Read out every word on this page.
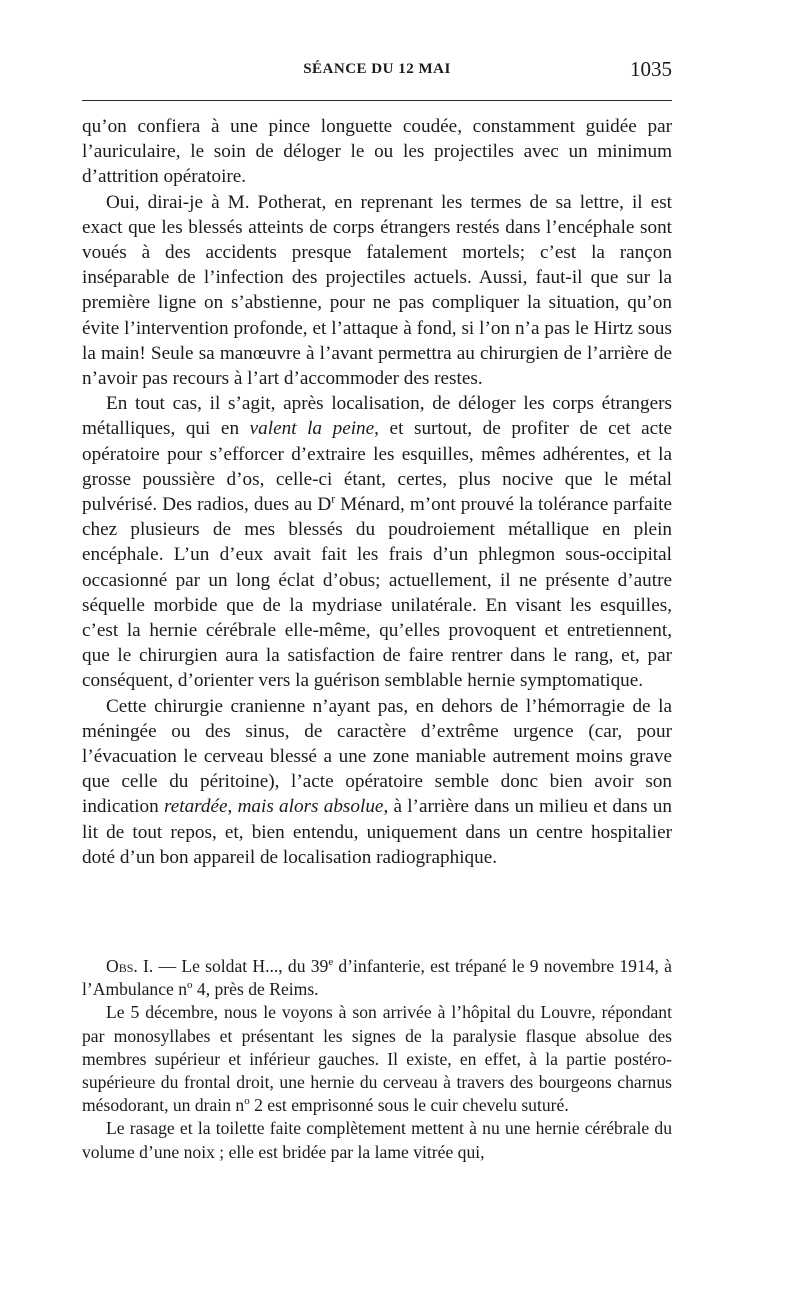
SÉANCE DU 12 MAI	1035

qu’on confiera à une pince longuette coudée, constamment guidée par l’auriculaire, le soin de déloger le ou les projectiles avec un minimum d’attrition opératoire.

Oui, dirai-je à M. Potherat, en reprenant les termes de sa lettre, il est exact que les blessés atteints de corps étrangers restés dans l’encéphale sont voués à des accidents presque fatalement mortels; c’est la rançon inséparable de l’infection des projectiles actuels. Aussi, faut-il que sur la première ligne on s’abstienne, pour ne pas compliquer la situation, qu’on évite l’intervention profonde, et l’attaque à fond, si l’on n’a pas le Hirtz sous la main! Seule sa manœuvre à l’avant permettra au chirurgien de l’arrière de n’avoir pas recours à l’art d’accommoder des restes.

En tout cas, il s’agit, après localisation, de déloger les corps étrangers métalliques, qui en valent la peine, et surtout, de profiter de cet acte opératoire pour s’efforcer d’extraire les esquilles, mêmes adhérentes, et la grosse poussière d’os, celle-ci étant, certes, plus nocive que le métal pulvérisé. Des radios, dues au $D^r$ Ménard, m’ont prouvé la tolérance parfaite chez plusieurs de mes blessés du poudroiement métallique en plein encéphale. L’un d’eux avait fait les frais d’un phlegmon sous-occipital occasionné par un long éclat d’obus; actuellement, il ne présente d’autre séquelle morbide que de la mydriase unilatérale. En visant les esquilles, c’est la hernie cérébrale elle-même, qu’elles provoquent et entretiennent, que le chirurgien aura la satisfaction de faire rentrer dans le rang, et, par conséquent, d’orienter vers la guérison semblable hernie symptomatique.

Cette chirurgie cranienne n’ayant pas, en dehors de l’hémorragie de la méningée ou des sinus, de caractère d’extrême urgence (car, pour l’évacuation le cerveau blessé a une zone maniable autrement moins grave que celle du péritoine), l’acte opératoire semble donc bien avoir son indication retardée, mais alors absolue, à l’arrière dans un milieu et dans un lit de tout repos, et, bien entendu, uniquement dans un centre hospitalier doté d’un bon appareil de localisation radiographique.

Obs. I. — Le soldat H..., du 39e d’infanterie, est trépané le 9 novembre 1914, à l’Ambulance $n^o$ 4, près de Reims.

Le 5 décembre, nous le voyons à son arrivée à l’hôpital du Louvre, répondant par monosyllabes et présentant les signes de la paralysie flasque absolue des membres supérieur et inférieur gauches. Il existe, en effet, à la partie postéro-supérieure du frontal droit, une hernie du cerveau à travers des bourgeons charnus mésodorant, un drain $n^o$ 2 est emprisonné sous le cuir chevelu suturé.

Le rasage et la toilette faite complètement mettent à nu une hernie cérébrale du volume d’une noix ; elle est bridée par la lame vitrée qui,
